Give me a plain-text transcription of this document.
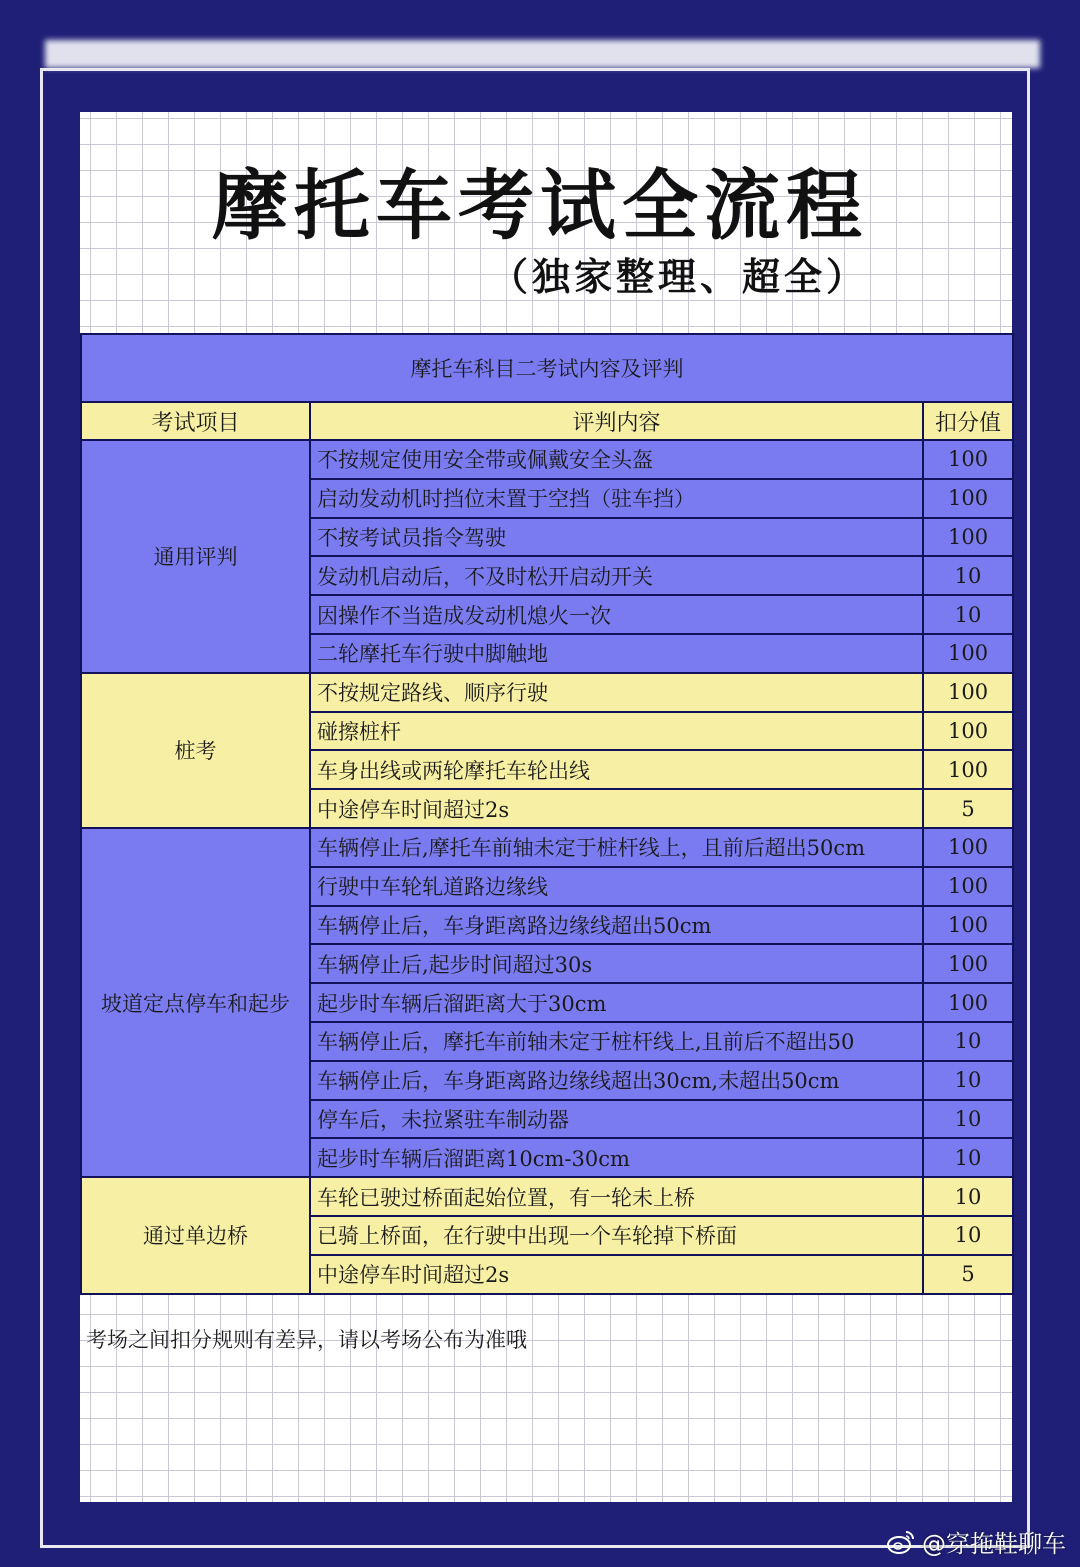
摩托车考试全流程
（独家整理、超全）
摩托车科目二考试内容及评判		
考试项目	评判内容	扣分值
通用评判	不按规定使用安全带或佩戴安全头盔	100
	启动发动机时挡位末置于空挡（驻车挡）	100
	不按考试员指令驾驶	100
	发动机启动后，不及时松开启动开关	10
	因操作不当造成发动机熄火一次	10
	二轮摩托车行驶中脚触地	100
桩考	不按规定路线、顺序行驶	100
	碰擦桩杆	100
	车身出线或两轮摩托车轮出线	100
	中途停车时间超过2s	5
坡道定点停车和起步	车辆停止后,摩托车前轴未定于桩杆线上，且前后超出50cm	100
	行驶中车轮轧道路边缘线	100
	车辆停止后，车身距离路边缘线超出50cm	100
	车辆停止后,起步时间超过30s	100
	起步时车辆后溜距离大于30cm	100
	车辆停止后，摩托车前轴未定于桩杆线上,且前后不超出50	10
	车辆停止后，车身距离路边缘线超出30cm,未超出50cm	10
	停车后，未拉紧驻车制动器	10
	起步时车辆后溜距离10cm-30cm	10
通过单边桥	车轮已驶过桥面起始位置，有一轮未上桥	10
	已骑上桥面，在行驶中出现一个车轮掉下桥面	10
	中途停车时间超过2s	5
考场之间扣分规则有差异，请以考场公布为准哦
@穿拖鞋聊车
